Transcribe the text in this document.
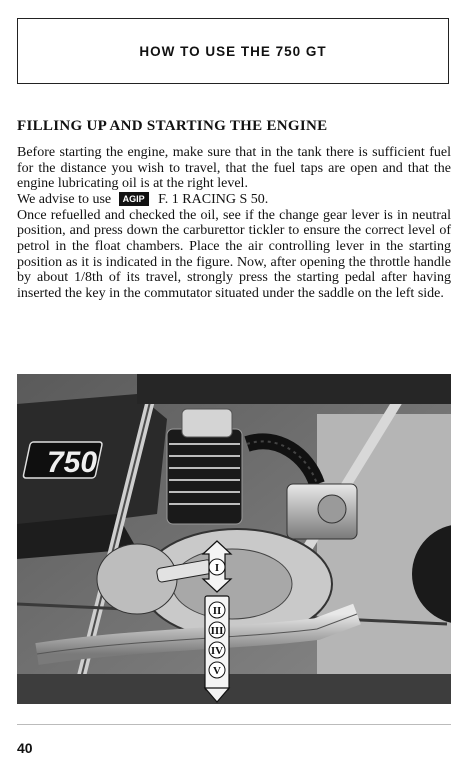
HOW TO USE THE 750 GT
FILLING UP AND STARTING THE ENGINE

Before starting the engine, make sure that in the tank there is sufficient fuel for the distance you wish to travel, that the fuel taps are open and that the engine lubricating oil is at the right level.

We advise to use AGIP F. 1 RACING S 50.

Once refuelled and checked the oil, see if the change gear lever is in neutral position, and press down the carburettor tickler to ensure the correct level of petrol in the float chambers. Place the air controlling lever in the starting position as it is indicated in the figure. Now, after opening the throttle handle by about 1/8th of its travel, strongly press the starting pedal after having inserted the key in the commutator situated under the saddle on the left side.

750
I
II
III
IV
V
40
